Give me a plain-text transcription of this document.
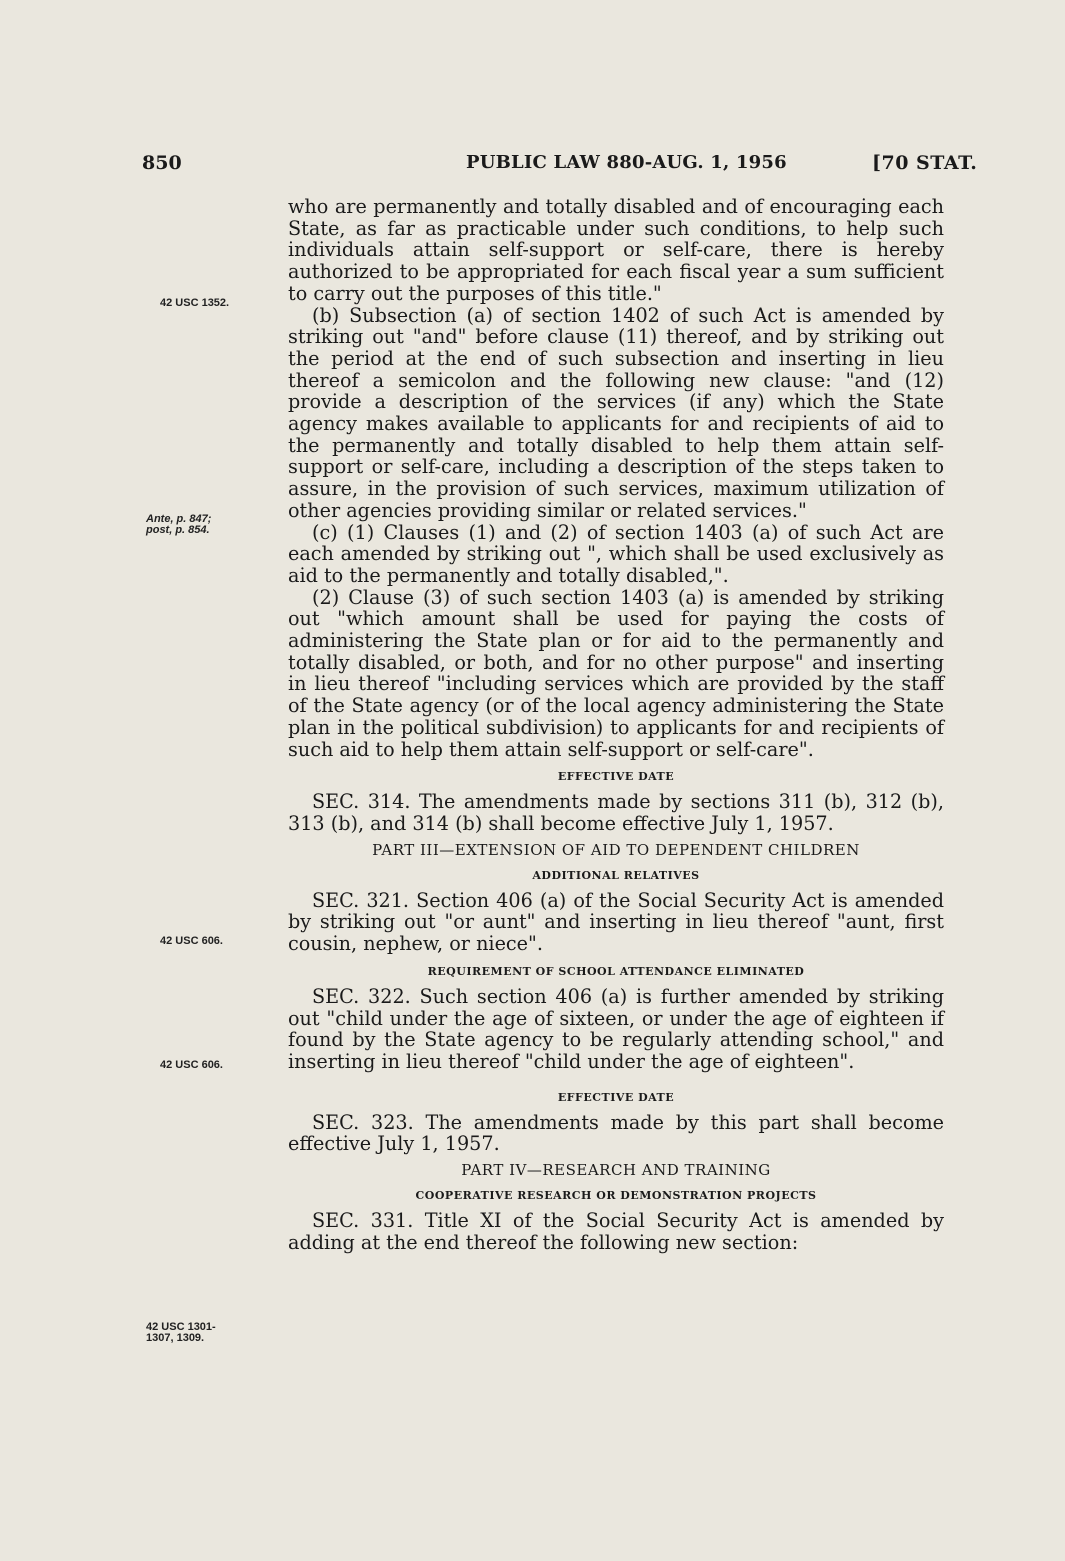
850	PUBLIC LAW 880-AUG. 1, 1956	[70 STAT.
42 USC 1352.
Ante, p. 847;
post, p. 854.
42 USC 606.
42 USC 606.
42 USC 1301-
1307, 1309.

who are permanently and totally disabled and of encouraging each State, as far as practicable under such conditions, to help such individuals attain self-support or self-care, there is hereby authorized to be appropriated for each fiscal year a sum sufficient to carry out the purposes of this title."

(b) Subsection (a) of section 1402 of such Act is amended by striking out "and" before clause (11) thereof, and by striking out the period at the end of such subsection and inserting in lieu thereof a semicolon and the following new clause: "and (12) provide a description of the services (if any) which the State agency makes available to applicants for and recipients of aid to the permanently and totally disabled to help them attain self-support or self-care, including a description of the steps taken to assure, in the provision of such services, maximum utilization of other agencies providing similar or related services."

(c) (1) Clauses (1) and (2) of section 1403 (a) of such Act are each amended by striking out ", which shall be used exclusively as aid to the permanently and totally disabled,".

(2) Clause (3) of such section 1403 (a) is amended by striking out "which amount shall be used for paying the costs of administering the State plan or for aid to the permanently and totally disabled, or both, and for no other purpose" and inserting in lieu thereof "including services which are provided by the staff of the State agency (or of the local agency administering the State plan in the political subdivision) to applicants for and recipients of such aid to help them attain self-support or self-care".

EFFECTIVE DATE

SEC. 314. The amendments made by sections 311 (b), 312 (b), 313 (b), and 314 (b) shall become effective July 1, 1957.

PART III—EXTENSION OF AID TO DEPENDENT CHILDREN
ADDITIONAL RELATIVES

SEC. 321. Section 406 (a) of the Social Security Act is amended by striking out "or aunt" and inserting in lieu thereof "aunt, first cousin, nephew, or niece".

REQUIREMENT OF SCHOOL ATTENDANCE ELIMINATED

SEC. 322. Such section 406 (a) is further amended by striking out "child under the age of sixteen, or under the age of eighteen if found by the State agency to be regularly attending school," and inserting in lieu thereof "child under the age of eighteen".

EFFECTIVE DATE

SEC. 323. The amendments made by this part shall become effective July 1, 1957.

PART IV—RESEARCH AND TRAINING
COOPERATIVE RESEARCH OR DEMONSTRATION PROJECTS

SEC. 331. Title XI of the Social Security Act is amended by adding at the end thereof the following new section:
